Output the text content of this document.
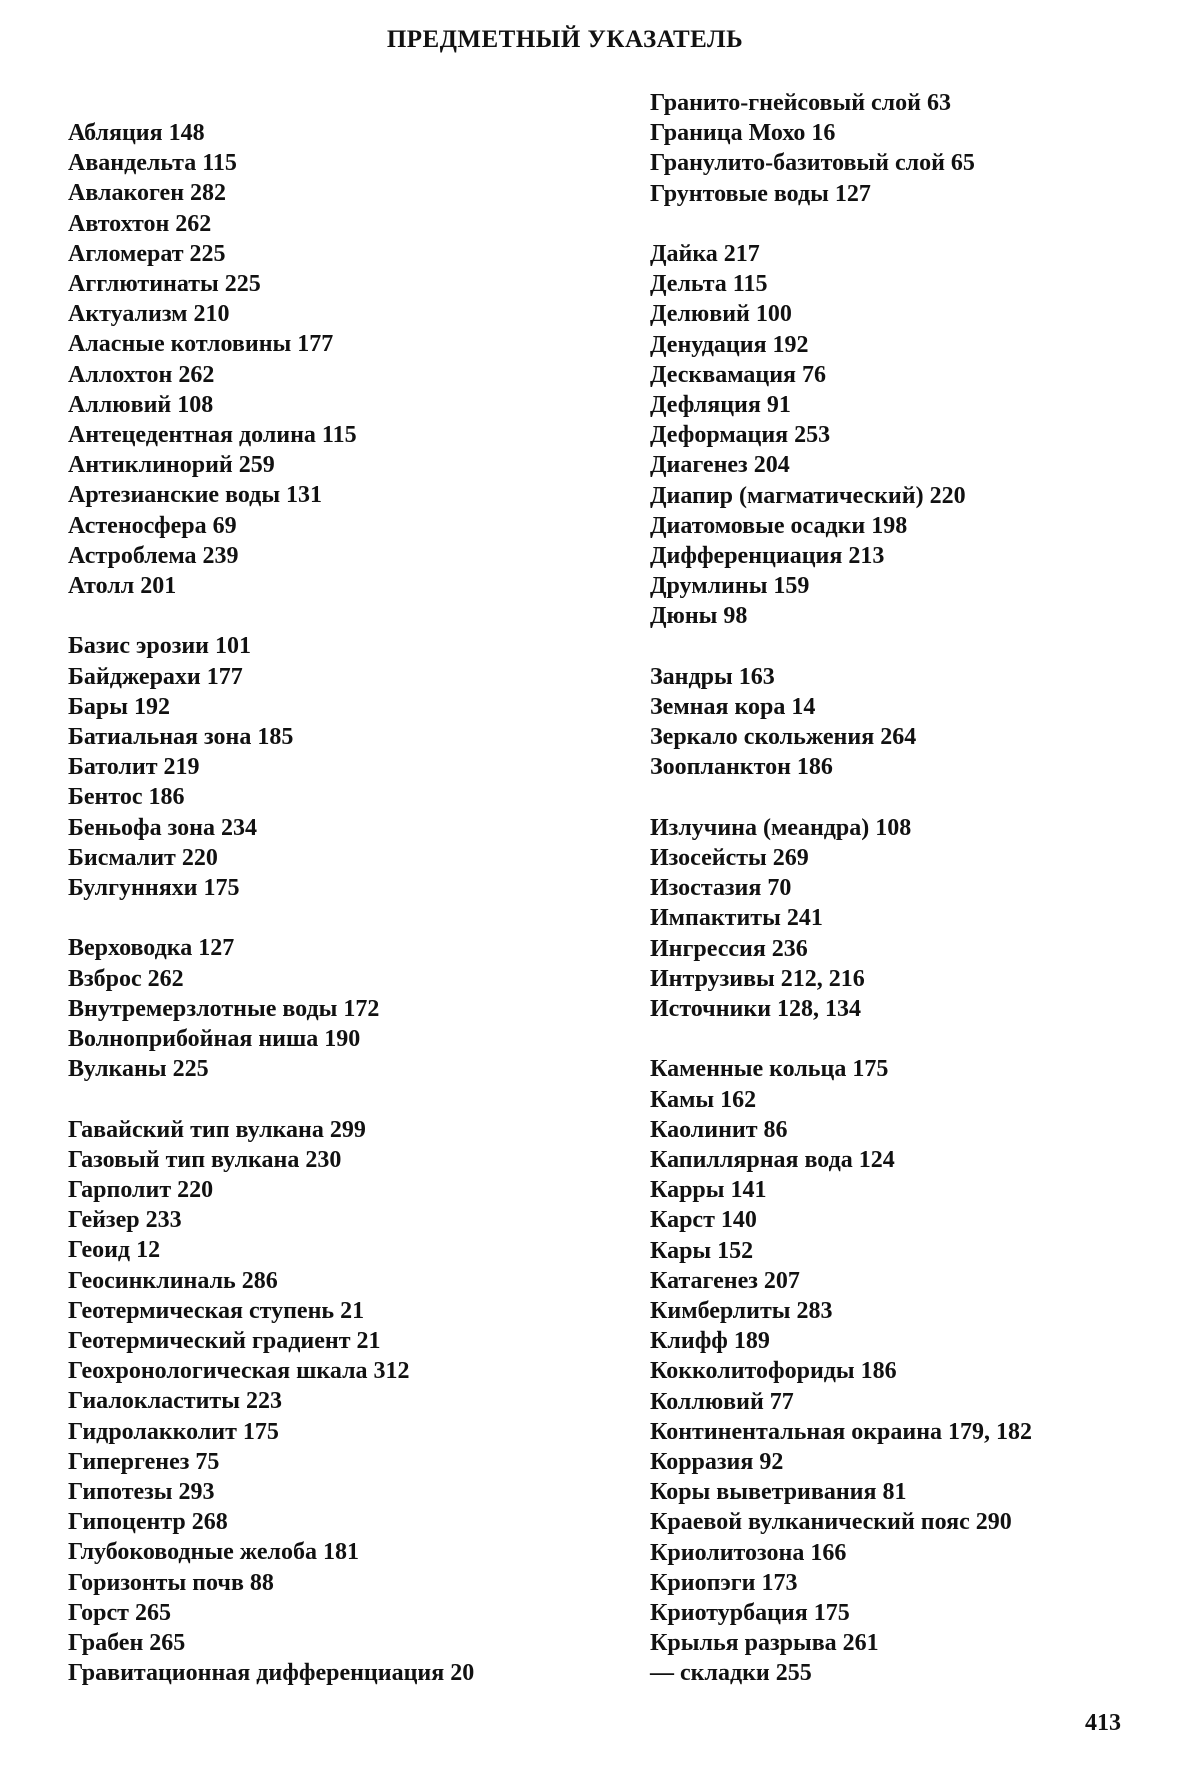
ПРЕДМЕТНЫЙ УКАЗАТЕЛЬ
Абляция 148
Авандельта 115
Авлакоген 282
Автохтон 262
Агломерат 225
Агглютинаты 225
Актуализм 210
Аласные котловины 177
Аллохтон 262
Аллювий 108
Антецедентная долина 115
Антиклинорий 259
Артезианские воды 131
Астеносфера 69
Астроблема 239
Атолл 201
Базис эрозии 101
Байджерахи 177
Бары 192
Батиальная зона 185
Батолит 219
Бентос 186
Беньофа зона 234
Бисмалит 220
Булгунняхи 175
Верховодка 127
Взброс 262
Внутремерзлотные воды 172
Волноприбойная ниша 190
Вулканы 225
Гавайский тип вулкана 299
Газовый тип вулкана 230
Гарполит 220
Гейзер 233
Геоид 12
Геосинклиналь 286
Геотермическая ступень 21
Геотермический градиент 21
Геохронологическая шкала 312
Гиалокластиты 223
Гидролакколит 175
Гипергенез 75
Гипотезы 293
Гипоцентр 268
Глубоководные желоба 181
Горизонты почв 88
Горст 265
Грабен 265
Гравитационная дифференциация 20
Гранито-гнейсовый слой 63
Граница Мохо 16
Гранулито-базитовый слой 65
Грунтовые воды 127
Дайка 217
Дельта 115
Делювий 100
Денудация 192
Десквамация 76
Дефляция 91
Деформация 253
Диагенез 204
Диапир (магматический) 220
Диатомовые осадки 198
Дифференциация 213
Друмлины 159
Дюны 98
Зандры 163
Земная кора 14
Зеркало скольжения 264
Зоопланктон 186
Излучина (меандра) 108
Изосейсты 269
Изостазия 70
Импактиты 241
Ингрессия 236
Интрузивы 212, 216
Источники 128, 134
Каменные кольца 175
Камы 162
Каолинит 86
Капиллярная вода 124
Карры 141
Карст 140
Кары 152
Катагенез 207
Кимберлиты 283
Клифф 189
Кокколитофориды 186
Коллювий 77
Континентальная окраина 179, 182
Корразия 92
Коры выветривания 81
Краевой вулканический пояс 290
Криолитозона 166
Криопэги 173
Криотурбация 175
Крылья разрыва 261
— складки 255
413
